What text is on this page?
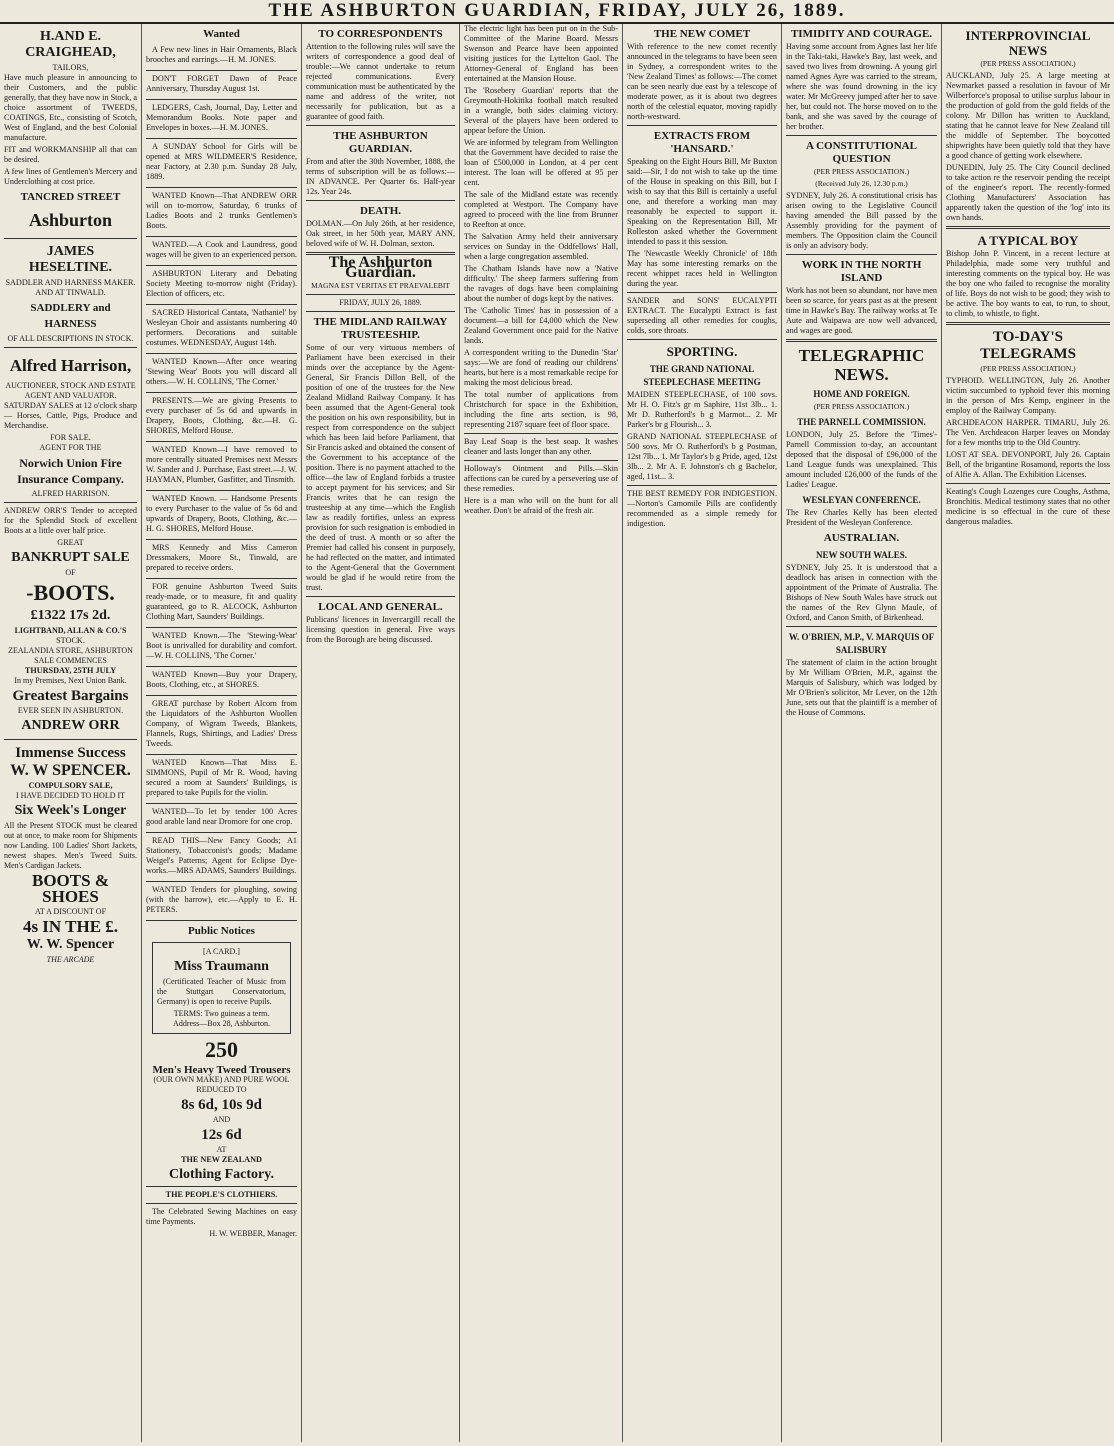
THE ASHBURTON GUARDIAN, FRIDAY, JULY 26, 1889.
H.AND E. CRAIGHEAD,
TAILORS,

Have much pleasure in announcing to their Customers, and the public generally, that they have now in Stock, a choice assortment of TWEEDS, COATINGS, Etc., consisting of Scotch, West of England, and the best Colonial manufacture.

FIT and WORKMANSHIP all that can be desired.

A few lines of Gentlemen's Mercery and Underclothing at cost price.

TANCRED STREET
Ashburton
JAMES HESELTINE.
SADDLER AND HARNESS MAKER.
AND AT TINWALD.
SADDLERY and HARNESS
OF ALL DESCRIPTIONS IN STOCK.
Alfred Harrison,
AUCTIONEER, STOCK AND ESTATE AGENT AND VALUATOR.

SATURDAY SALES at 12 o'clock sharp — Horses, Cattle, Pigs, Produce and Merchandise.

FOR SALE.
AGENT FOR THE
Norwich Union Fire Insurance Company.
ALFRED HARRISON.

ANDREW ORR'S Tender to accepted for the Splendid Stock of excellent Boots at a little over half price.

GREAT
BANKRUPT SALE
OF
-BOOTS.
£1322 17s 2d.
LIGHTBAND, ALLAN & CO.'S
STOCK.
ZEALANDIA STORE, ASHBURTON
SALE COMMENCES
THURSDAY, 25TH JULY
In my Premises, Next Union Bank.
Greatest Bargains
EVER SEEN IN ASHBURTON.
ANDREW ORR
Immense Success
W. W SPENCER.
COMPULSORY SALE,
I HAVE DECIDED TO HOLD IT
Six Week's Longer

All the Present STOCK must be cleared out at once, to make room for Shipments now Landing. 100 Ladies' Short Jackets, newest shapes. Men's Tweed Suits. Men's Cardigan Jackets.

BOOTS & SHOES
AT A DISCOUNT OF
4s IN THE £.
W. W. Spencer
THE ARCADE
Wanted

A Few new lines in Hair Ornaments, Black brooches and earrings.—H. M. JONES.

DON'T FORGET Dawn of Peace Anniversary, Thursday August 1st.

LEDGERS, Cash, Journal, Day, Letter and Memorandum Books. Note paper and Envelopes in boxes.—H. M. JONES.

A SUNDAY School for Girls will be opened at MRS WILDMEER'S Residence, near Factory, at 2.30 p.m. Sunday 28 July, 1889.

WANTED Known—That ANDREW ORR will on to-morrow, Saturday, 6 trunks of Ladies Boots and 2 trunks Gentlemen's Boots.

WANTED.—A Cook and Laundress, good wages will be given to an experienced person.

ASHBURTON Literary and Debating Society Meeting to-morrow night (Friday). Election of officers, etc.

SACRED Historical Cantata, 'Nathaniel' by Wesleyan Choir and assistants numbering 40 performers. Decorations and suitable costumes. WEDNESDAY, August 14th.

WANTED Known—After once wearing 'Stewing Wear' Boots you will discard all others.—W. H. COLLINS, 'The Corner.'

PRESENTS.—We are giving Presents to every purchaser of 5s 6d and upwards in Drapery, Boots, Clothing, &c.—H. G. SHORES, Melford House.

WANTED Known—I have removed to more centrally situated Premises next Messrs W. Sander and J. Purchase, East street.—J. W. HAYMAN, Plumber, Gasfitter, and Tinsmith.

WANTED Known. — Handsome Presents to every Purchaser to the value of 5s 6d and upwards of Drapery, Boots, Clothing, &c.—H. G. SHORES, Melford House.

MRS Kennedy and Miss Cameron Dressmakers, Moore St., Tinwald, are prepared to receive orders.

FOR genuine Ashburton Tweed Suits ready-made, or to measure, fit and quality guaranteed, go to R. ALCOCK, Ashburton Clothing Mart, Saunders' Buildings.

WANTED Known.—The 'Stewing-Wear' Boot is unrivalled for durability and comfort.—W. H. COLLINS, 'The Corner.'

WANTED Known—Buy your Drapery, Boots, Clothing, etc., at SHORES.

GREAT purchase by Robert Alcorn from the Liquidators of the Ashburton Woollen Company, of Wigram Tweeds, Blankets, Flannels, Rugs, Shirtings, and Ladies' Dress Tweeds.

WANTED Known—That Miss E. SIMMONS, Pupil of Mr R. Wood, having secured a room at Saunders' Buildings, is prepared to take Pupils for the violin.

WANTED—To let by tender 100 Acres good arable land near Dromore for one crop.

READ THIS—New Fancy Goods; A1 Stationery, Tobacconist's goods; Madame Weigel's Patterns; Agent for Eclipse Dye-works.—MRS ADAMS, Saunders' Buildings.

WANTED Tenders for ploughing, sowing (with the harrow), etc.—Apply to E. H. PETERS.

Public Notices
[A CARD.]
Miss Traumann

(Certificated Teacher of Music from the Stuttgart Conservatorium, Germany) is open to receive Pupils.

TERMS: Two guineas a term.
Address—Box 28, Ashburton.
250
Men's Heavy Tweed Trousers
(OUR OWN MAKE) AND PURE WOOL
REDUCED TO
8s 6d, 10s 9d
AND
12s 6d
AT
THE NEW ZEALAND
Clothing Factory.
THE PEOPLE'S CLOTHIERS.

The Celebrated Sewing Machines on easy time Payments.

H. W. WEBBER, Manager.
TO CORRESPONDENTS

Attention to the following rules will save the writers of correspondence a good deal of trouble:—We cannot undertake to return rejected communications. Every communication must be authenticated by the name and address of the writer, not necessarily for publication, but as a guarantee of good faith.

THE ASHBURTON GUARDIAN.

From and after the 30th November, 1888, the terms of subscription will be as follows:— IN ADVANCE. Per Quarter 6s. Half-year 12s. Year 24s.

DEATH.

DOLMAN.—On July 26th, at her residence, Oak street, in her 50th year, MARY ANN, beloved wife of W. H. Dolman, sexton.

The Ashburton Guardian.
MAGNA EST VERITAS ET PRAEVALEBIT
FRIDAY, JULY 26, 1889.
THE MIDLAND RAILWAY TRUSTEESHIP.

Some of our very virtuous members of Parliament have been exercised in their minds over the acceptance by the Agent-General, Sir Francis Dillon Bell, of the position of one of the trustees for the New Zealand Midland Railway Company. It has been assumed that the Agent-General took the position on his own responsibility, but in respect from correspondence on the subject which has been laid before Parliament, that Sir Francis asked and obtained the consent of the Government to his acceptance of the position. There is no payment attached to the office—the law of England forbids a trustee to accept payment for his services; and Sir Francis writes that he can resign the trusteeship at any time—which the English law as readily fortifies, unless an express provision for such resignation is embodied in the deed of trust. A month or so after the Premier had called his consent in purposely, he had reflected on the matter, and intimated to the Agent-General that the Government would be glad if he would retire from the trust.

LOCAL AND GENERAL.

Publicans' licences in Invercargill recall the licensing question in general. Five ways from the Borough are being discussed.

The electric light has been put on in the Sub-Committee of the Marine Board. Messrs Swenson and Pearce have been appointed visiting justices for the Lyttelton Gaol. The Attorney-General of England has been entertained at the Mansion House.

The 'Rosebery Guardian' reports that the Greymouth-Hokitika football match resulted in a wrangle, both sides claiming victory. Several of the players have been ordered to appear before the Union.

We are informed by telegram from Wellington that the Government have decided to raise the loan of £500,000 in London, at 4 per cent interest. The loan will be offered at 95 per cent.

The sale of the Midland estate was recently completed at Westport. The Company have agreed to proceed with the line from Brunner to Reefton at once.

The Salvation Army held their anniversary services on Sunday in the Oddfellows' Hall, when a large congregation assembled.

The Chatham Islands have now a 'Native difficulty.' The sheep farmers suffering from the ravages of dogs have been complaining about the number of dogs kept by the natives.

The 'Catholic Times' has in possession of a document—a bill for £4,000 which the New Zealand Government once paid for the Native lands.

A correspondent writing to the Dunedin 'Star' says:—We are fond of reading our childrens' hearts, but here is a most remarkable recipe for making the most delicious bread.

The total number of applications from Christchurch for space in the Exhibition, including the fine arts section, is 98, representing 2187 square feet of floor space.

Bay Leaf Soap is the best soap. It washes cleaner and lasts longer than any other.

Holloway's Ointment and Pills.—Skin affections can be cured by a persevering use of these remedies.

Here is a man who will on the hunt for all weather. Don't be afraid of the fresh air.

THE NEW COMET

With reference to the new comet recently announced in the telegrams to have been seen in Sydney, a correspondent writes to the 'New Zealand Times' as follows:—The comet can be seen nearly due east by a telescope of moderate power, as it is about two degrees north of the celestial equator, moving rapidly north-westward.

EXTRACTS FROM 'HANSARD.'

Speaking on the Eight Hours Bill, Mr Buxton said:—Sir, I do not wish to take up the time of the House in speaking on this Bill, but I wish to say that this Bill is certainly a useful one, and therefore a working man may reasonably be expected to support it. Speaking on the Representation Bill, Mr Rolleston asked whether the Government intended to pass it this session.

The 'Newcastle Weekly Chronicle' of 18th May has some interesting remarks on the recent whippet races held in Wellington during the year.

SANDER and SONS' EUCALYPTI EXTRACT. The Eucalypti Extract is fast superseding all other remedies for coughs, colds, sore throats.

SPORTING.
THE GRAND NATIONAL STEEPLECHASE MEETING

MAIDEN STEEPLECHASE, of 100 sovs. Mr H. O. Fitz's gr m Saphire, 11st 3lb... 1. Mr D. Rutherford's b g Marmot... 2. Mr Parker's br g Flourish... 3.

GRAND NATIONAL STEEPLECHASE of 500 sovs. Mr O. Rutherford's b g Postman, 12st 7lb... 1. Mr Taylor's b g Pride, aged, 12st 3lb... 2. Mr A. F. Johnston's ch g Bachelor, aged, 11st... 3.

THE BEST REMEDY FOR INDIGESTION.—Norton's Camomile Pills are confidently recommended as a simple remedy for indigestion.

TIMIDITY AND COURAGE.

Having some account from Agnes last her life in the Taki-taki, Hawke's Bay, last week, and saved two lives from drowning. A young girl named Agnes Ayre was carried to the stream, where she was found drowning in the icy water. Mr McGreevy jumped after her to save her, but could not. The horse moved on to the bank, and she was saved by the courage of her brother.

A CONSTITUTIONAL QUESTION
(PER PRESS ASSOCIATION.)
(Received July 26, 12.30 p.m.)

SYDNEY, July 26. A constitutional crisis has arisen owing to the Legislative Council having amended the Bill passed by the Assembly providing for the payment of members. The Opposition claim the Council is only an advisory body.

WORK IN THE NORTH ISLAND

Work has not been so abundant, nor have men been so scarce, for years past as at the present time in Hawke's Bay. The railway works at Te Aute and Waipawa are now well advanced, and wages are good.

TELEGRAPHIC NEWS.
HOME AND FOREIGN.
(PER PRESS ASSOCIATION.)
THE PARNELL COMMISSION.

LONDON, July 25. Before the 'Times'-Parnell Commission to-day, an accountant deposed that the disposal of £96,000 of the Land League funds was unexplained. This amount included £26,000 of the funds of the Ladies' League.

WESLEYAN CONFERENCE.

The Rev Charles Kelly has been elected President of the Wesleyan Conference.

AUSTRALIAN.
NEW SOUTH WALES.

SYDNEY, July 25. It is understood that a deadlock has arisen in connection with the appointment of the Primate of Australia. The Bishops of New South Wales have struck out the names of the Rev Glynn Maule, of Oxford, and Canon Smith, of Birkenhead.

W. O'BRIEN, M.P., V. MARQUIS OF SALISBURY

The statement of claim in the action brought by Mr William O'Brien, M.P., against the Marquis of Salisbury, which was lodged by Mr O'Brien's solicitor, Mr Lever, on the 12th June, sets out that the plaintiff is a member of the House of Commons.

INTERPROVINCIAL NEWS
(PER PRESS ASSOCIATION.)

AUCKLAND, July 25. A large meeting at Newmarket passed a resolution in favour of Mr Wilberforce's proposal to utilise surplus labour in the production of gold from the gold fields of the colony. Mr Dillon has written to Auckland, stating that he cannot leave for New Zealand till the middle of September. The boycotted shipwrights have been quietly told that they have a good chance of getting work elsewhere.

DUNEDIN, July 25. The City Council declined to take action re the reservoir pending the receipt of the engineer's report. The recently-formed Clothing Manufacturers' Association has apparently taken the question of the 'log' into its own hands.

A TYPICAL BOY

Bishop John P. Vincent, in a recent lecture at Philadelphia, made some very truthful and interesting comments on the typical boy. He was the boy one who failed to recognise the morality of life. Boys do not wish to be good; they wish to be active. The boy wants to eat, to run, to shout, to climb, to whistle, to fight.

TO-DAY'S TELEGRAMS
(PER PRESS ASSOCIATION.)

TYPHOID. WELLINGTON, July 26. Another victim succumbed to typhoid fever this morning in the person of Mrs Kemp, engineer in the employ of the Railway Company.

ARCHDEACON HARPER. TIMARU, July 26. The Ven. Archdeacon Harper leaves on Monday for a few months trip to the Old Country.

LOST AT SEA. DEVONPORT, July 26. Captain Bell, of the brigantine Rosamond, reports the loss of Alfie A. Allan. The Exhibition Licenses.

Keating's Cough Lozenges cure Coughs, Asthma, Bronchitis. Medical testimony states that no other medicine is so effectual in the cure of these dangerous maladies.
